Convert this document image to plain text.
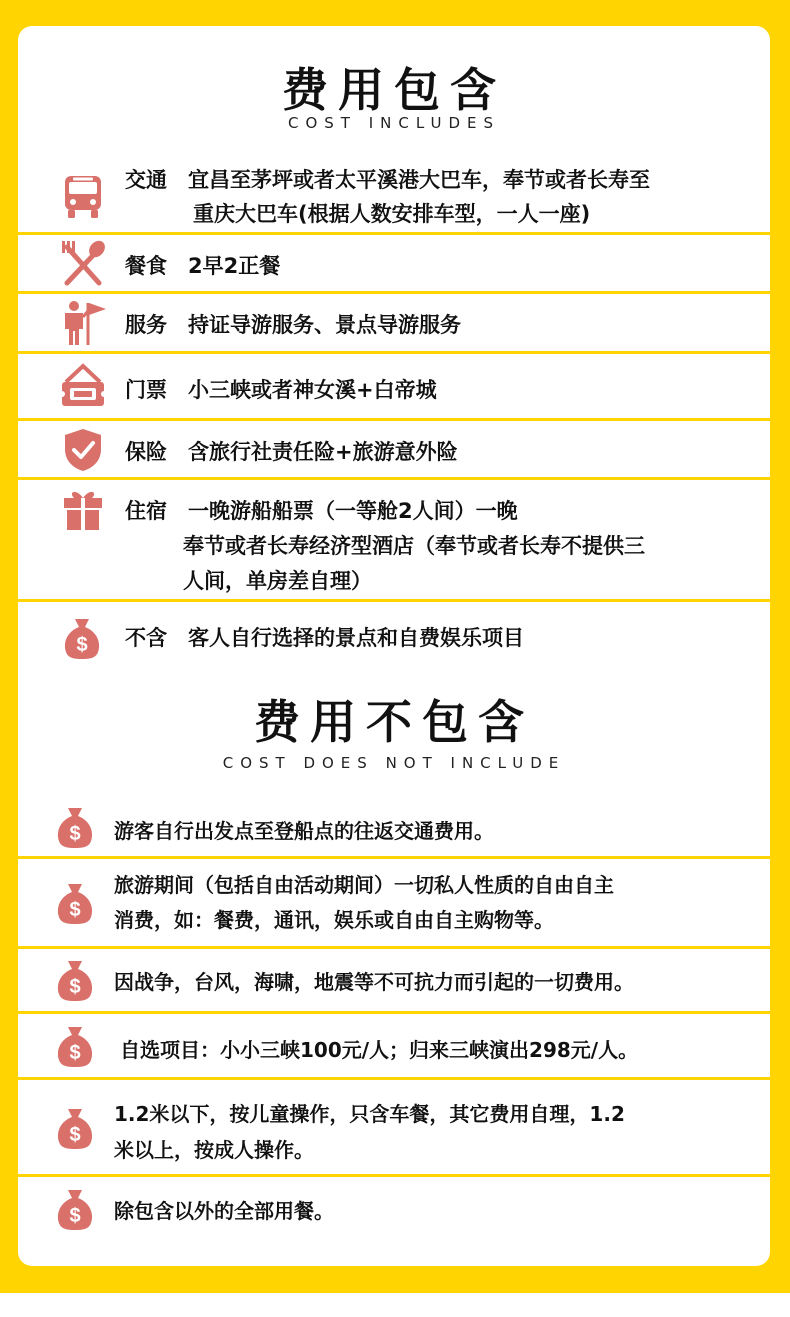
费用包含
COST INCLUDES
交通 宜昌至茅坪或者太平溪港大巴车，奉节或者长寿至
重庆大巴车(根据人数安排车型，一人一座)
餐食 2早2正餐
服务 持证导游服务、景点导游服务
门票 小三峡或者神女溪+白帝城
保险 含旅行社责任险+旅游意外险
住宿 一晚游船船票（一等舱2人间）一晚
奉节或者长寿经济型酒店（奉节或者长寿不提供三
人间，单房差自理）
$ 不含 客人自行选择的景点和自费娱乐项目
费用不包含
COST DOES NOT INCLUDE
$ 游客自行出发点至登船点的往返交通费用。
$
旅游期间（包括自由活动期间）一切私人性质的自由自主
消费，如：餐费，通讯，娱乐或自由自主购物等。
$ 因战争，台风，海啸，地震等不可抗力而引起的一切费用。
$ 自选项目：小小三峡100元/人；归来三峡演出298元/人。
$
1.2米以下，按儿童操作，只含车餐，其它费用自理，1.2
米以上，按成人操作。
$ 除包含以外的全部用餐。
